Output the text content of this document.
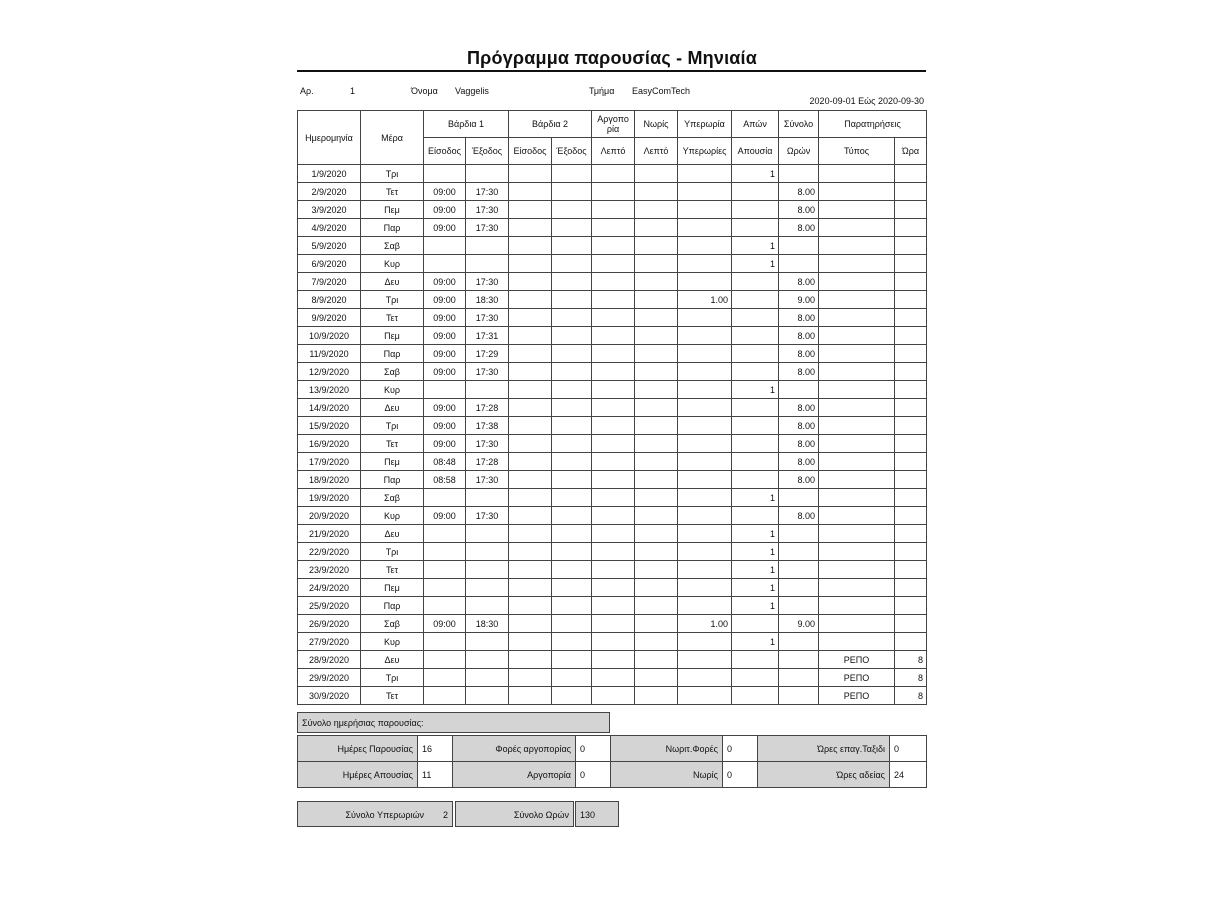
Πρόγραμμα παρουσίας - Μηνιαία
Αρ.	1	Όνομα Vaggelis	Τμήμα EasyComTech
2020-09-01 Εώς 2020-09-30
Ημερομηνία	Μέρα	Βάρδια 1		Βάρδια 2		Αργοπο ρία	Νωρίς	Υπερωρία	Απών	Σύνολο	Παρατηρήσεις	
		Είσοδος	Έξοδος	Είσοδος	Έξοδος	Λεπτό	Λεπτό	Υπερωρίες	Απουσία	Ωρών	Τύπος	Ώρα
1/9/2020	Τρι								1			
2/9/2020	Τετ	09:00	17:30							8.00		
3/9/2020	Πεμ	09:00	17:30							8.00		
4/9/2020	Παρ	09:00	17:30							8.00		
5/9/2020	Σαβ								1			
6/9/2020	Κυρ								1			
7/9/2020	Δευ	09:00	17:30							8.00		
8/9/2020	Τρι	09:00	18:30					1.00		9.00		
9/9/2020	Τετ	09:00	17:30							8.00		
10/9/2020	Πεμ	09:00	17:31							8.00		
11/9/2020	Παρ	09:00	17:29							8.00		
12/9/2020	Σαβ	09:00	17:30							8.00		
13/9/2020	Κυρ								1			
14/9/2020	Δευ	09:00	17:28							8.00		
15/9/2020	Τρι	09:00	17:38							8.00		
16/9/2020	Τετ	09:00	17:30							8.00		
17/9/2020	Πεμ	08:48	17:28							8.00		
18/9/2020	Παρ	08:58	17:30							8.00		
19/9/2020	Σαβ								1			
20/9/2020	Κυρ	09:00	17:30							8.00		
21/9/2020	Δευ								1			
22/9/2020	Τρι								1			
23/9/2020	Τετ								1			
24/9/2020	Πεμ								1			
25/9/2020	Παρ								1			
26/9/2020	Σαβ	09:00	18:30					1.00		9.00		
27/9/2020	Κυρ								1			
28/9/2020	Δευ										ΡΕΠΟ	8
29/9/2020	Τρι										ΡΕΠΟ	8
30/9/2020	Τετ										ΡΕΠΟ	8
Σύνολο ημερήσιας παρουσίας:
Ημέρες Παρουσίας	16	Φορές αργοπορίας	0	Νωριτ.Φορές	0	Ώρες επαγ.Ταξιδι	0
Ημέρες Απουσίας	11	Αργοπορία	0	Νωρίς	0	Ώρες αδείας	24
Σύνολο Υπερωριών 2	Σύνολο Ωρών	130
